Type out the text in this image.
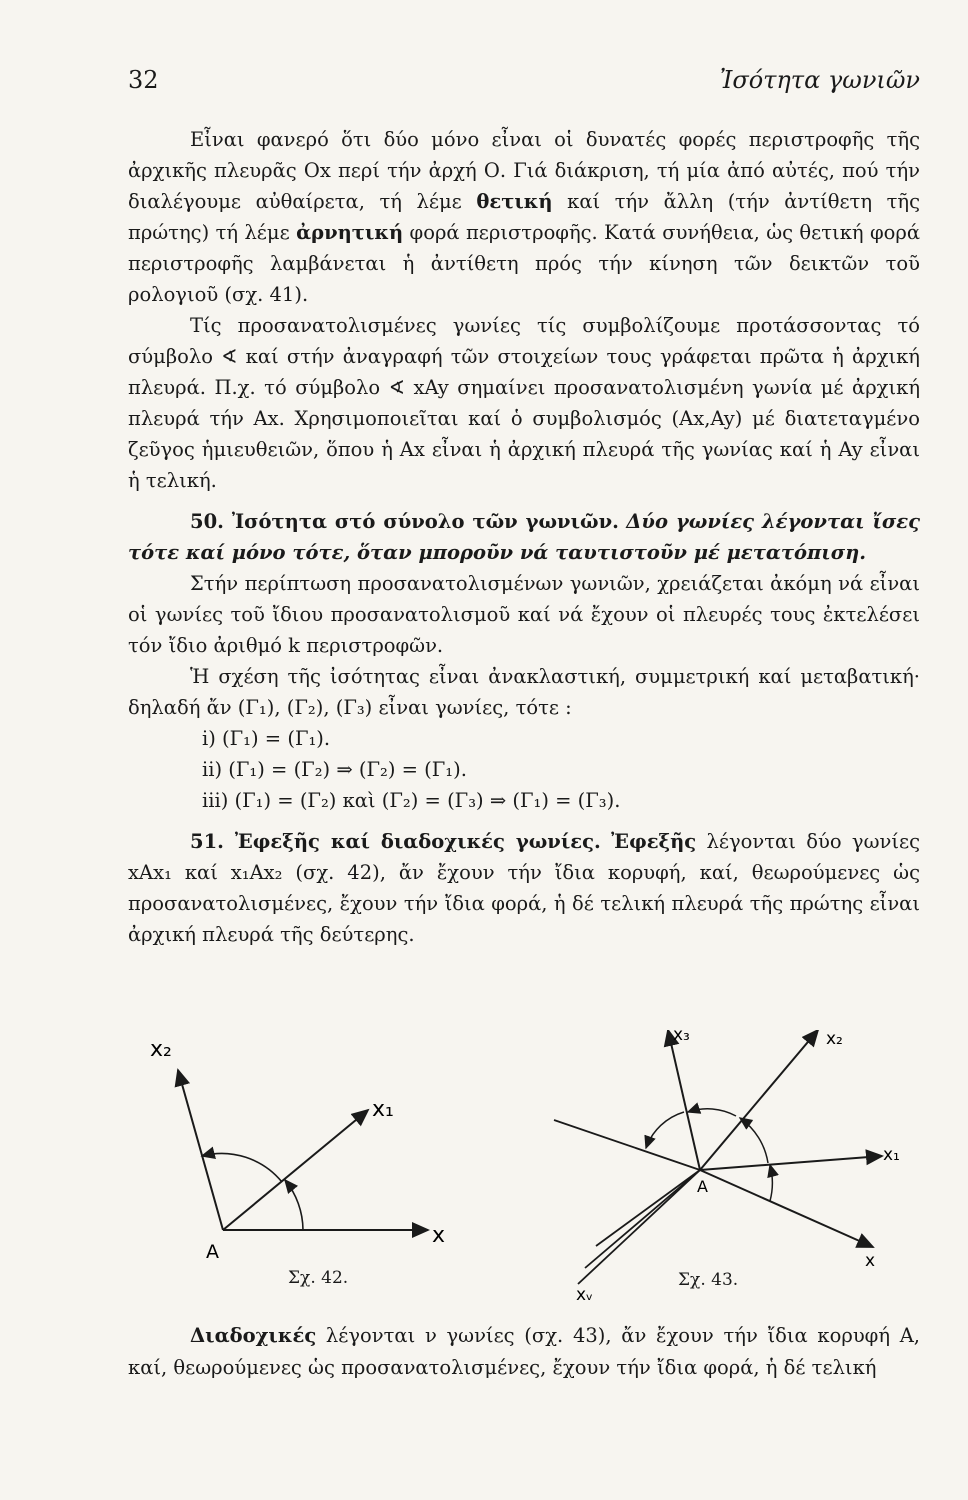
32	Ἰσότητα γωνιῶν

Εἶναι φανερό ὅτι δύο μόνο εἶναι οἱ δυνατές φορές περιστροφῆς τῆς ἀρχικῆς πλευρᾶς Οx περί τήν ἀρχή Ο. Γιά διάκριση, τή μία ἀπό αὐτές, πού τήν διαλέγουμε αὐθαίρετα, τή λέμε θετική καί τήν ἄλλη (τήν ἀντίθετη τῆς πρώτης) τή λέμε ἀρνητική φορά περιστροφῆς. Κατά συνήθεια, ὡς θετική φορά περιστροφῆς λαμβάνεται ἡ ἀντίθετη πρός τήν κίνηση τῶν δεικτῶν τοῦ ρολογιοῦ (σχ. 41).

Τίς προσανατολισμένες γωνίες τίς συμβολίζουμε προτάσσοντας τό σύμβολο ∢ καί στήν ἀναγραφή τῶν στοιχείων τους γράφεται πρῶτα ἡ ἀρχική πλευρά. Π.χ. τό σύμβολο ∢ xAy σημαίνει προσανατολισμένη γωνία μέ ἀρχική πλευρά τήν Ax. Χρησιμοποιεῖται καί ὁ συμβολισμός (Ax,Ay) μέ διατεταγμένο ζεῦγος ἡμιευθειῶν, ὅπου ἡ Ax εἶναι ἡ ἀρχική πλευρά τῆς γωνίας καί ἡ Ay εἶναι ἡ τελική.

50. Ἰσότητα στό σύνολο τῶν γωνιῶν. Δύο γωνίες λέγονται ἴσες τότε καί μόνο τότε, ὅταν μποροῦν νά ταυτιστοῦν μέ μετατόπιση.

Στήν περίπτωση προσανατολισμένων γωνιῶν, χρειάζεται ἀκόμη νά εἶναι οἱ γωνίες τοῦ ἴδιου προσανατολισμοῦ καί νά ἔχουν οἱ πλευρές τους ἐκτελέσει τόν ἴδιο ἀριθμό k περιστροφῶν.

Ἡ σχέση τῆς ἰσότητας εἶναι ἀνακλαστική, συμμετρική καί μεταβατική· δηλαδή ἄν (Γ₁), (Γ₂), (Γ₃) εἶναι γωνίες, τότε :

i) (Γ₁) = (Γ₁).
ii) (Γ₁) = (Γ₂) ⇒ (Γ₂) = (Γ₁).
iii) (Γ₁) = (Γ₂) καὶ (Γ₂) = (Γ₃) ⇒ (Γ₁) = (Γ₃).

51. Ἐφεξῆς καί διαδοχικές γωνίες. Ἐφεξῆς λέγονται δύο γωνίες xAx₁ καί x₁Ax₂ (σχ. 42), ἄν ἔχουν τήν ἴδια κορυφή, καί, θεωρούμενες ὡς προσανατολισμένες, ἔχουν τήν ἴδια φορά, ἡ δέ τελική πλευρά τῆς πρώτης εἶναι ἀρχική πλευρά τῆς δεύτερης.

x₂
x₁
x
A
x₃	x₂
x₁
x
xᵥ
A
Σχ. 42.	Σχ. 43.

Διαδοχικές λέγονται ν γωνίες (σχ. 43), ἄν ἔχουν τήν ἴδια κορυφή A, καί, θεωρούμενες ὡς προσανατολισμένες, ἔχουν τήν ἴδια φορά, ἡ δέ τελική
